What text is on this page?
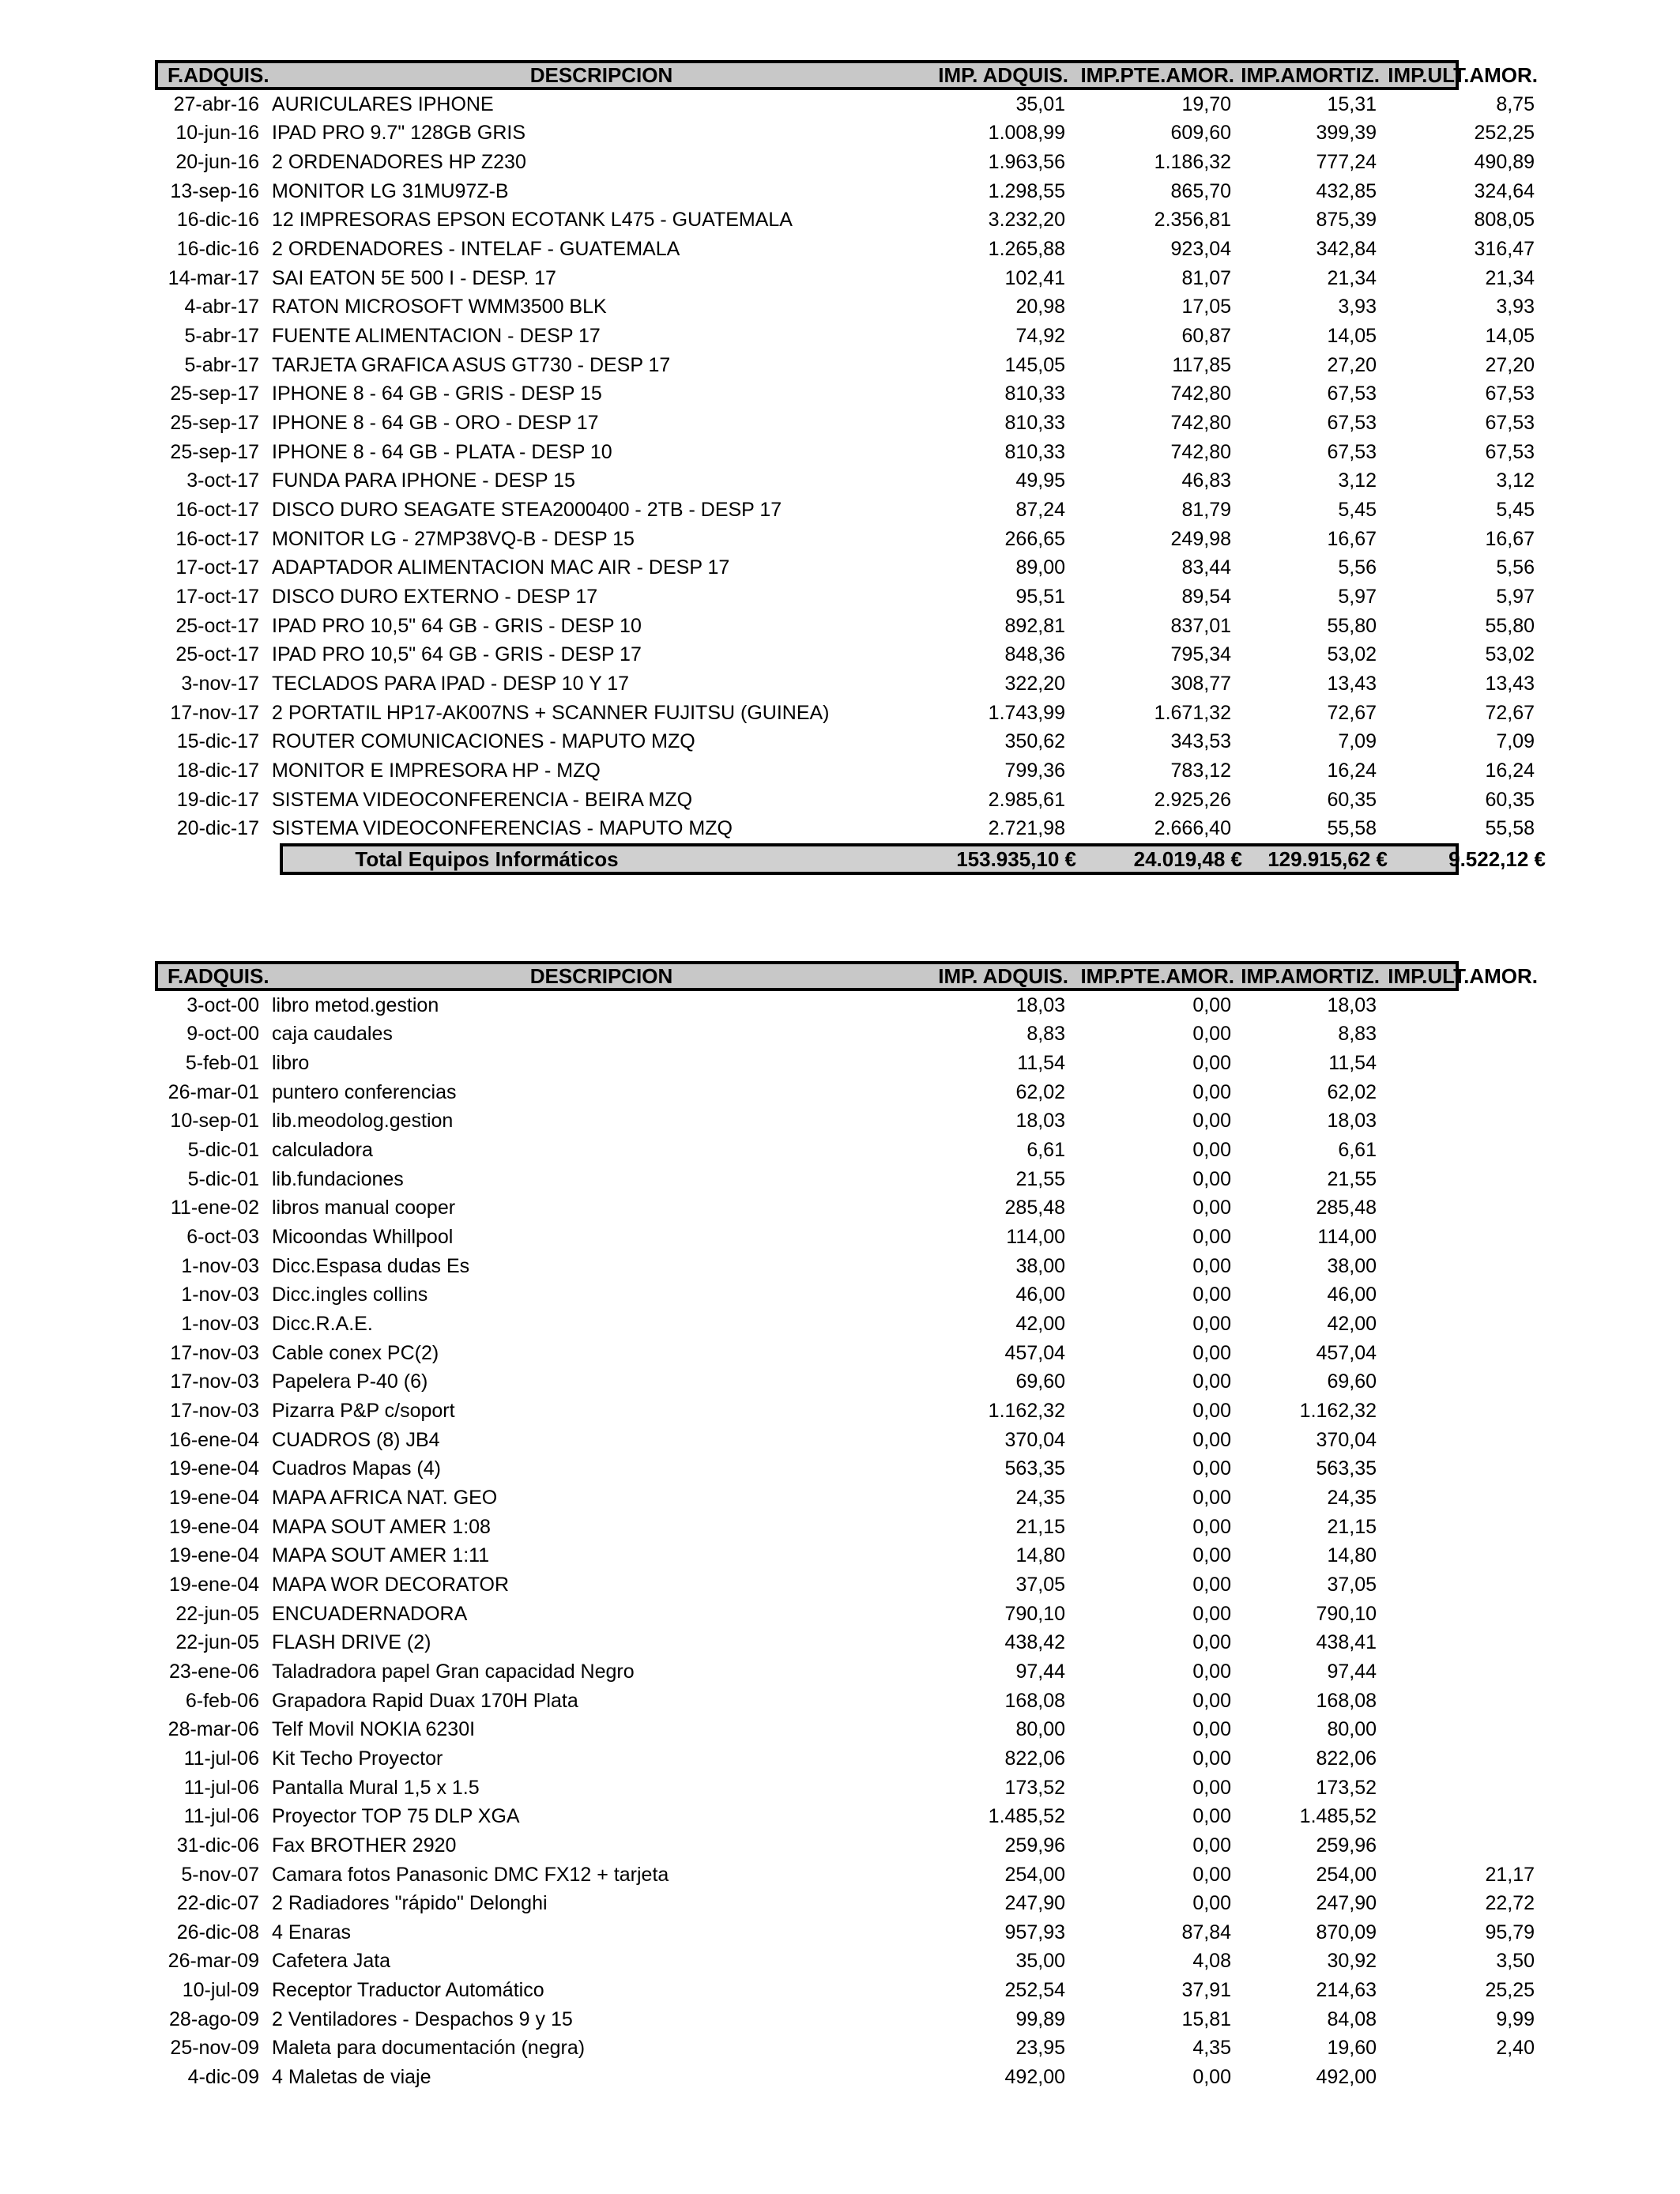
F.ADQUIS.	DESCRIPCION	IMP. ADQUIS. IMP.PTE.AMOR. IMP.AMORTIZ. IMP.ULT.AMOR.
27-abr-16 AURICULARES IPHONE	35,01	19,70	15,31	8,75
10-jun-16 IPAD PRO 9.7" 128GB GRIS	1.008,99	609,60	399,39	252,25
20-jun-16 2 ORDENADORES HP Z230	1.963,56	1.186,32	777,24	490,89
13-sep-16 MONITOR LG 31MU97Z-B	1.298,55	865,70	432,85	324,64
16-dic-16 12 IMPRESORAS EPSON ECOTANK L475 - GUATEMALA	3.232,20	2.356,81	875,39	808,05
16-dic-16 2 ORDENADORES - INTELAF - GUATEMALA	1.265,88	923,04	342,84	316,47
14-mar-17 SAI EATON 5E 500 I - DESP. 17	102,41	81,07	21,34	21,34
4-abr-17 RATON MICROSOFT WMM3500 BLK	20,98	17,05	3,93	3,93
5-abr-17 FUENTE ALIMENTACION - DESP 17	74,92	60,87	14,05	14,05
5-abr-17 TARJETA GRAFICA ASUS GT730 - DESP 17	145,05	117,85	27,20	27,20
25-sep-17 IPHONE 8 - 64 GB - GRIS - DESP 15	810,33	742,80	67,53	67,53
25-sep-17 IPHONE 8 - 64 GB - ORO - DESP 17	810,33	742,80	67,53	67,53
25-sep-17 IPHONE 8 - 64 GB - PLATA - DESP 10	810,33	742,80	67,53	67,53
3-oct-17 FUNDA PARA IPHONE - DESP 15	49,95	46,83	3,12	3,12
16-oct-17 DISCO DURO SEAGATE STEA2000400 - 2TB - DESP 17	87,24	81,79	5,45	5,45
16-oct-17 MONITOR LG - 27MP38VQ-B - DESP 15	266,65	249,98	16,67	16,67
17-oct-17 ADAPTADOR ALIMENTACION MAC AIR - DESP 17	89,00	83,44	5,56	5,56
17-oct-17 DISCO DURO EXTERNO - DESP 17	95,51	89,54	5,97	5,97
25-oct-17 IPAD PRO 10,5" 64 GB - GRIS - DESP 10	892,81	837,01	55,80	55,80
25-oct-17 IPAD PRO 10,5" 64 GB - GRIS - DESP 17	848,36	795,34	53,02	53,02
3-nov-17 TECLADOS PARA IPAD - DESP 10 Y 17	322,20	308,77	13,43	13,43
17-nov-17 2 PORTATIL HP17-AK007NS + SCANNER FUJITSU (GUINEA)	1.743,99	1.671,32	72,67	72,67
15-dic-17 ROUTER COMUNICACIONES - MAPUTO MZQ	350,62	343,53	7,09	7,09
18-dic-17 MONITOR E IMPRESORA HP - MZQ	799,36	783,12	16,24	16,24
19-dic-17 SISTEMA VIDEOCONFERENCIA - BEIRA MZQ	2.985,61	2.925,26	60,35	60,35
20-dic-17 SISTEMA VIDEOCONFERENCIAS - MAPUTO MZQ	2.721,98	2.666,40	55,58	55,58
Total Equipos Informáticos	153.935,10 €	24.019,48 €	129.915,62 €	9.522,12 €
F.ADQUIS.	DESCRIPCION	IMP. ADQUIS. IMP.PTE.AMOR. IMP.AMORTIZ. IMP.ULT.AMOR.
3-oct-00 libro metod.gestion	18,03	0,00	18,03
9-oct-00 caja caudales	8,83	0,00	8,83
5-feb-01 libro	11,54	0,00	11,54
26-mar-01 puntero conferencias	62,02	0,00	62,02
10-sep-01 lib.meodolog.gestion	18,03	0,00	18,03
5-dic-01 calculadora	6,61	0,00	6,61
5-dic-01 lib.fundaciones	21,55	0,00	21,55
11-ene-02 libros manual cooper	285,48	0,00	285,48
6-oct-03 Micoondas Whillpool	114,00	0,00	114,00
1-nov-03 Dicc.Espasa dudas Es	38,00	0,00	38,00
1-nov-03 Dicc.ingles collins	46,00	0,00	46,00
1-nov-03 Dicc.R.A.E.	42,00	0,00	42,00
17-nov-03 Cable conex PC(2)	457,04	0,00	457,04
17-nov-03 Papelera P-40 (6)	69,60	0,00	69,60
17-nov-03 Pizarra P&P c/soport	1.162,32	0,00	1.162,32
16-ene-04 CUADROS (8) JB4	370,04	0,00	370,04
19-ene-04 Cuadros Mapas (4)	563,35	0,00	563,35
19-ene-04 MAPA AFRICA NAT. GEO	24,35	0,00	24,35
19-ene-04 MAPA SOUT AMER 1:08	21,15	0,00	21,15
19-ene-04 MAPA SOUT AMER 1:11	14,80	0,00	14,80
19-ene-04 MAPA WOR DECORATOR	37,05	0,00	37,05
22-jun-05 ENCUADERNADORA	790,10	0,00	790,10
22-jun-05 FLASH DRIVE (2)	438,42	0,00	438,41
23-ene-06 Taladradora papel Gran capacidad Negro	97,44	0,00	97,44
6-feb-06 Grapadora Rapid Duax 170H Plata	168,08	0,00	168,08
28-mar-06 Telf Movil NOKIA 6230I	80,00	0,00	80,00
11-jul-06 Kit Techo Proyector	822,06	0,00	822,06
11-jul-06 Pantalla Mural 1,5 x 1.5	173,52	0,00	173,52
11-jul-06 Proyector TOP 75 DLP XGA	1.485,52	0,00	1.485,52
31-dic-06 Fax BROTHER 2920	259,96	0,00	259,96
5-nov-07 Camara fotos Panasonic DMC FX12 + tarjeta	254,00	0,00	254,00	21,17
22-dic-07 2 Radiadores "rápido" Delonghi	247,90	0,00	247,90	22,72
26-dic-08 4 Enaras	957,93	87,84	870,09	95,79
26-mar-09 Cafetera Jata	35,00	4,08	30,92	3,50
10-jul-09 Receptor Traductor Automático	252,54	37,91	214,63	25,25
28-ago-09 2 Ventiladores - Despachos 9 y 15	99,89	15,81	84,08	9,99
25-nov-09 Maleta para documentación (negra)	23,95	4,35	19,60	2,40
4-dic-09 4 Maletas de viaje	492,00	0,00	492,00
